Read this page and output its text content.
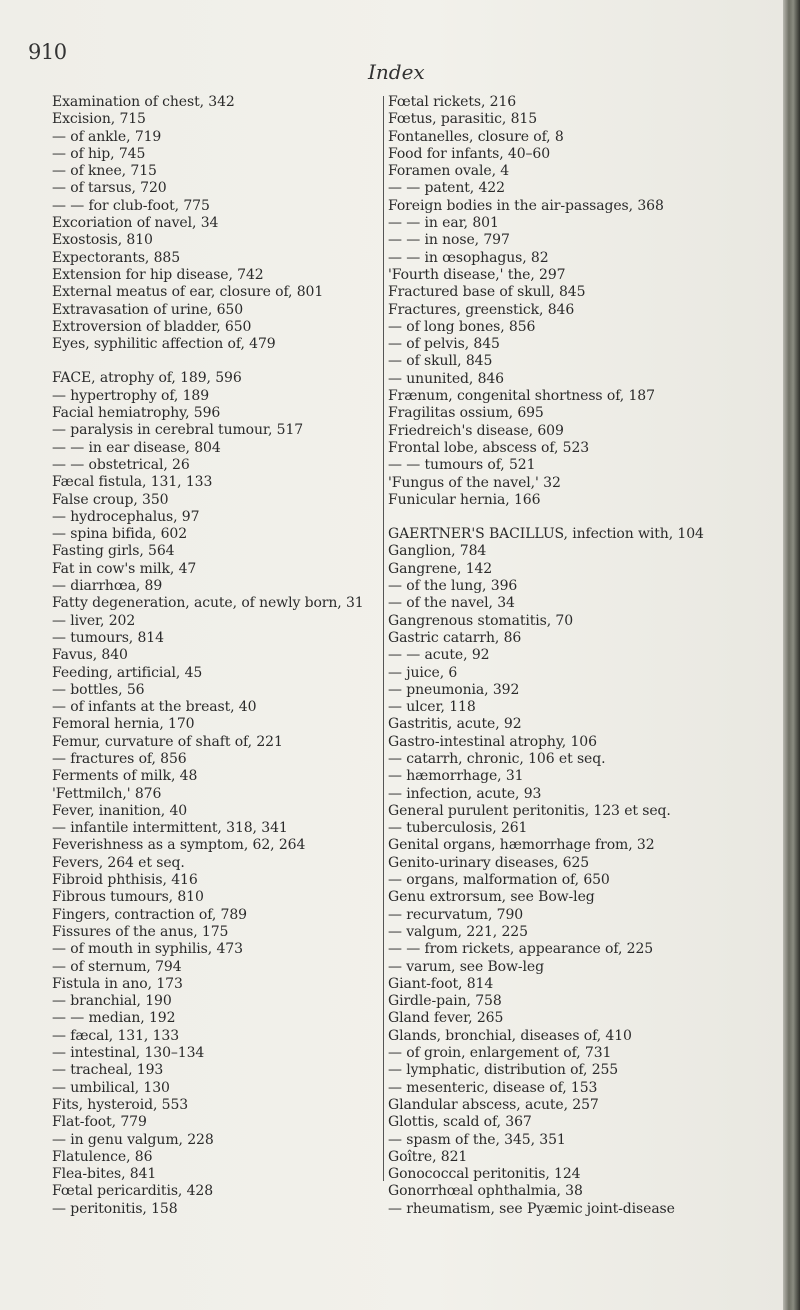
910
Index
Examination of chest, 342
Excision, 715
— of ankle, 719
— of hip, 745
— of knee, 715
— of tarsus, 720
— — for club-foot, 775
Excoriation of navel, 34
Exostosis, 810
Expectorants, 885
Extension for hip disease, 742
External meatus of ear, closure of, 801
Extravasation of urine, 650
Extroversion of bladder, 650
Eyes, syphilitic affection of, 479
FACE, atrophy of, 189, 596
— hypertrophy of, 189
Facial hemiatrophy, 596
— paralysis in cerebral tumour, 517
— — in ear disease, 804
— — obstetrical, 26
Fæcal fistula, 131, 133
False croup, 350
— hydrocephalus, 97
— spina bifida, 602
Fasting girls, 564
Fat in cow's milk, 47
— diarrhœa, 89
Fatty degeneration, acute, of newly born, 31
— liver, 202
— tumours, 814
Favus, 840
Feeding, artificial, 45
— bottles, 56
— of infants at the breast, 40
Femoral hernia, 170
Femur, curvature of shaft of, 221
— fractures of, 856
Ferments of milk, 48
'Fettmilch,' 876
Fever, inanition, 40
— infantile intermittent, 318, 341
Feverishness as a symptom, 62, 264
Fevers, 264 et seq.
Fibroid phthisis, 416
Fibrous tumours, 810
Fingers, contraction of, 789
Fissures of the anus, 175
— of mouth in syphilis, 473
— of sternum, 794
Fistula in ano, 173
— branchial, 190
— — median, 192
— fæcal, 131, 133
— intestinal, 130–134
— tracheal, 193
— umbilical, 130
Fits, hysteroid, 553
Flat-foot, 779
— in genu valgum, 228
Flatulence, 86
Flea-bites, 841
Fœtal pericarditis, 428
— peritonitis, 158
Fœtal rickets, 216
Fœtus, parasitic, 815
Fontanelles, closure of, 8
Food for infants, 40–60
Foramen ovale, 4
— — patent, 422
Foreign bodies in the air-passages, 368
— — in ear, 801
— — in nose, 797
— — in œsophagus, 82
'Fourth disease,' the, 297
Fractured base of skull, 845
Fractures, greenstick, 846
— of long bones, 856
— of pelvis, 845
— of skull, 845
— ununited, 846
Frænum, congenital shortness of, 187
Fragilitas ossium, 695
Friedreich's disease, 609
Frontal lobe, abscess of, 523
— — tumours of, 521
'Fungus of the navel,' 32
Funicular hernia, 166
GAERTNER'S BACILLUS, infection with, 104
Ganglion, 784
Gangrene, 142
— of the lung, 396
— of the navel, 34
Gangrenous stomatitis, 70
Gastric catarrh, 86
— — acute, 92
— juice, 6
— pneumonia, 392
— ulcer, 118
Gastritis, acute, 92
Gastro-intestinal atrophy, 106
— catarrh, chronic, 106 et seq.
— hæmorrhage, 31
— infection, acute, 93
General purulent peritonitis, 123 et seq.
— tuberculosis, 261
Genital organs, hæmorrhage from, 32
Genito-urinary diseases, 625
— organs, malformation of, 650
Genu extrorsum, see Bow-leg
— recurvatum, 790
— valgum, 221, 225
— — from rickets, appearance of, 225
— varum, see Bow-leg
Giant-foot, 814
Girdle-pain, 758
Gland fever, 265
Glands, bronchial, diseases of, 410
— of groin, enlargement of, 731
— lymphatic, distribution of, 255
— mesenteric, disease of, 153
Glandular abscess, acute, 257
Glottis, scald of, 367
— spasm of the, 345, 351
Goître, 821
Gonococcal peritonitis, 124
Gonorrhœal ophthalmia, 38
— rheumatism, see Pyæmic joint-disease
